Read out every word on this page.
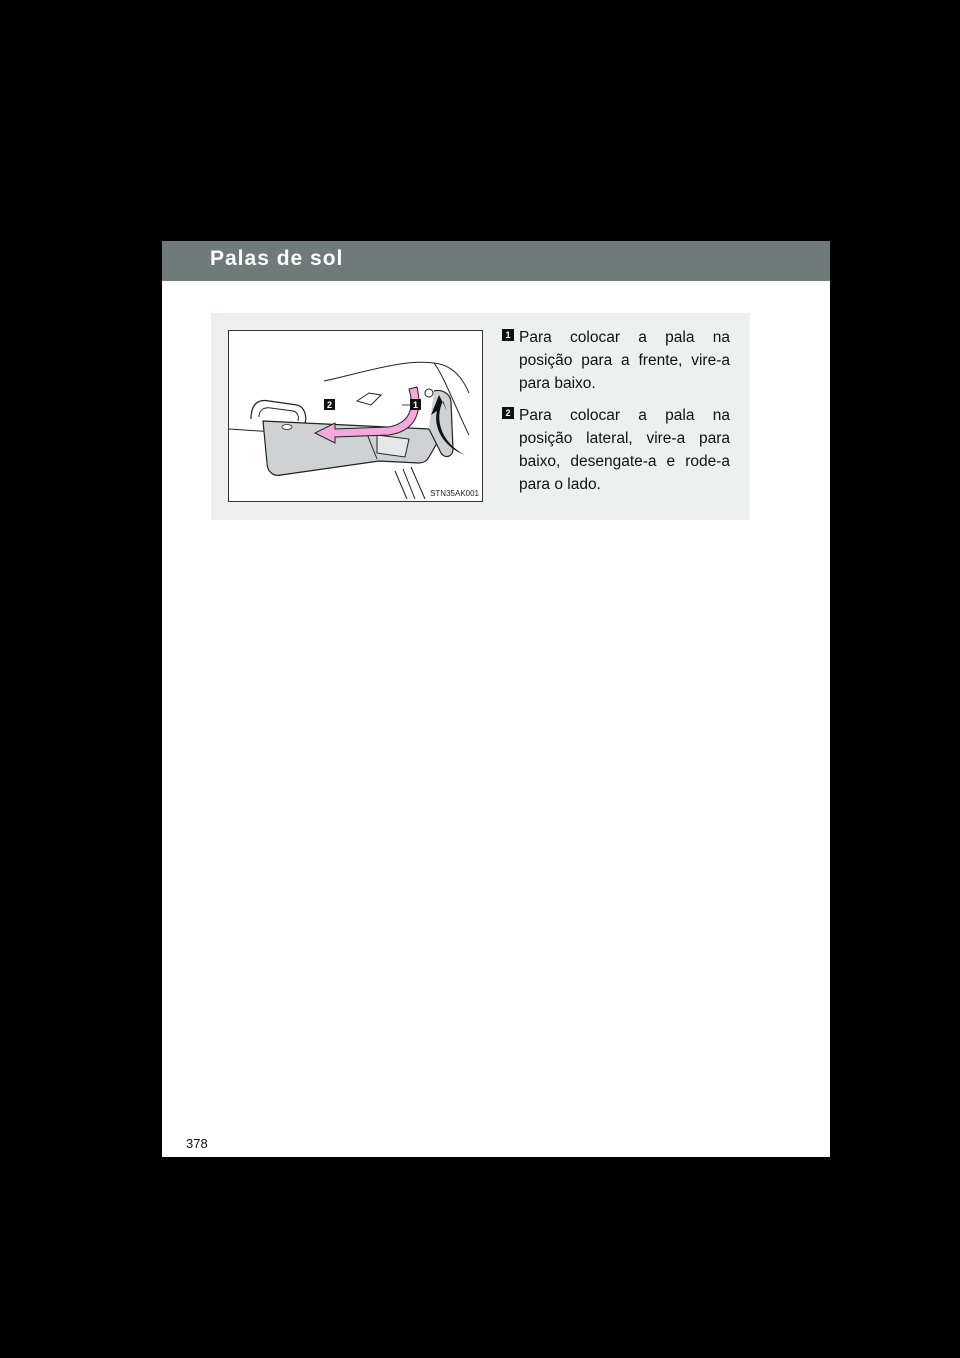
Palas de sol
2	1
STN35AK001
1 Para colocar a pala na posição para a frente, vire-a para baixo.
2 Para colocar a pala na posição lateral, vire-a para baixo, desengate-a e rode-a para o lado.
378
